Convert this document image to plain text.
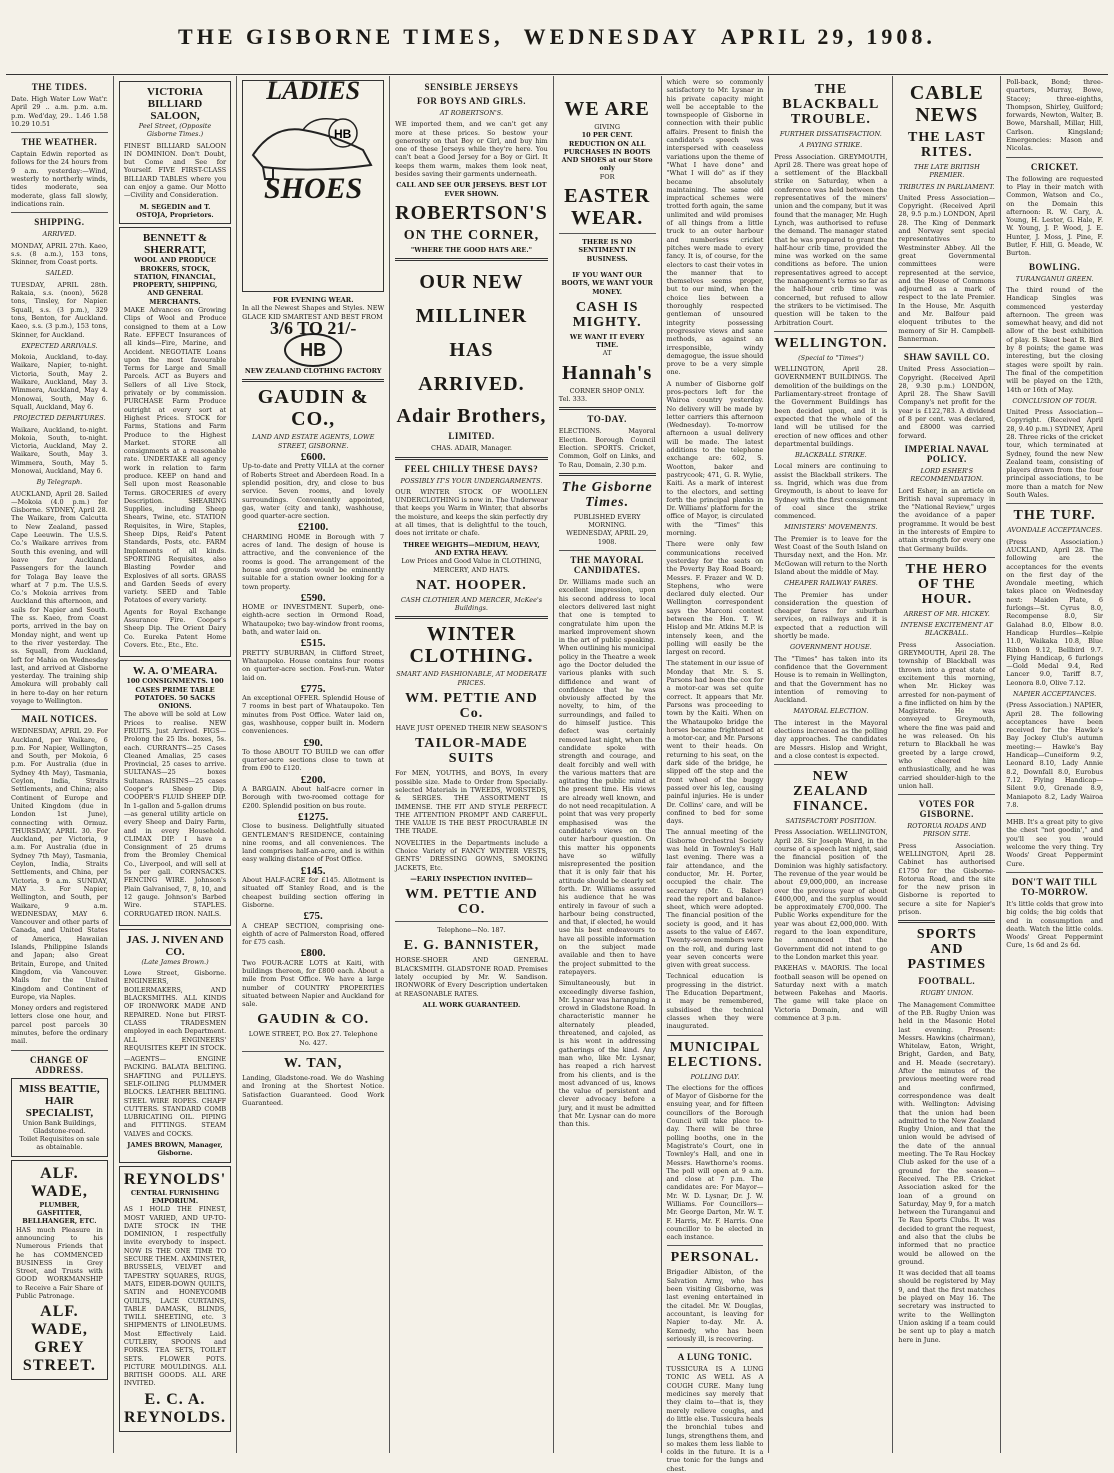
THE GISBORNE TIMES, WEDNESDAY APRIL 29, 1908.
THE TIDES.

Date. High Water Low Wat'r. April 29 .. a.m. p.m. a.m. p.m. Wed'day, 29.. 1.46 1.58 10.29 10.51

THE WEATHER.

Captain Edwin reported as follows for the 24 hours from 9 a.m. yesterday:—Wind, westerly to northerly winds, tides moderate, sea moderate, glass fall slowly, indications rain.

SHIPPING.
ARRIVED.

MONDAY, APRIL 27th. Kaeo, s.s. (8 a.m.), 153 tons, Skinner, from Coast ports.

SAILED.

TUESDAY, APRIL 28th. Rakaia, s.s. (noon), 5628 tons, Tinsley, for Napier. Squall, s.s. (3 p.m.), 329 tons, Benton, for Auckland. Kaeo, s.s. (3 p.m.), 153 tons, Skinner, for Auckland.

EXPECTED ARRIVALS.

Mokoia, Auckland, to-day. Waikare, Napier, to-night. Victoria, South, May 2. Waikare, Auckland, May 3. Wimmera, Auckland, May 4. Monowai, South, May 6. Squall, Auckland, May 6.

PROJECTED DEPARTURES.

Waikare, Auckland, to-night. Mokoia, South, to-night. Victoria, Auckland, May 2. Waikare, South, May 3. Wimmera, South, May 5. Monowai, Auckland, May 6.

By Telegraph.

AUCKLAND, April 28. Sailed—Mokoia (4.0 p.m.) for Gisborne. SYDNEY, April 28. The Waikare, from Calcutta to New Zealand, passed Cape Leeuwin. The U.S.S. Co.'s Waikare arrives from South this evening, and will leave for Auckland. Passengers for the launch for Tolaga Bay leave the wharf at 7 p.m. The U.S.S. Co.'s Mokoia arrives from Auckland this afternoon, and sails for Napier and South. The ss. Kaeo, from Coast ports, arrived in the bay on Monday night, and went up to the river yesterday. The ss. Squall, from Auckland, left for Mahia on Wednesday last, and arrived at Gisborne yesterday. The training ship Amokura will probably call in here to-day on her return voyage to Wellington.

MAIL NOTICES.

WEDNESDAY, APRIL 29. For Auckland, per Waikare, 6 p.m. For Napier, Wellington, and South, per Mokoia, 6 p.m. For Australia (due in Sydney 4th May), Tasmania, Ceylon, India, Straits Settlements, and China; also Continent of Europe and United Kingdom (due in London 1st June), connecting with Ormuz. THURSDAY, APRIL 30. For Auckland, per Victoria, 9 a.m. For Australia (due in Sydney 7th May), Tasmania, Ceylon, India, Straits Settlements, and China, per Victoria, 9 a.m. SUNDAY, MAY 3. For Napier, Wellington, and South, per Waikare, 9 a.m. WEDNESDAY, MAY 6. Vancouver and other parts of Canada, and United States of America, Hawaiian Islands, Philippine Islands and Japan; also Great Britain, Europe, and United Kingdom, via Vancouver. Mails for the United Kingdom and Continent of Europe, via Naples.

Money orders and registered letters close one hour, and parcel post parcels 30 minutes, before the ordinary mail.

CHANGE OF ADDRESS.
MISS BEATTIE, HAIR SPECIALIST,
Union Bank Buildings, Gladstone-road.
Toilet Requisites on sale as obtainable.
ALF. WADE,
PLUMBER, GASFITTER, BELLHANGER, ETC.

HAS much Pleasure in announcing to his Numerous Friends that he has COMMENCED BUSINESS in Grey Street, and Trusts with GOOD WORKMANSHIP to Receive a Fair Share of Public Patronage.

ALF. WADE, GREY STREET.
VICTORIA BILLIARD SALOON,
Peel Street, (Opposite Gisborne Times.)

FINEST BILLIARD SALOON IN DOMINION. Don't Doubt, but Come and See for Yourself. FIVE FIRST-CLASS BILLIARD TABLES where you can enjoy a game. Our Motto—Civility and Consideration.

M. SEGEDIN and T. OSTOJA, Proprietors.
BENNETT & SHERRATT,
WOOL AND PRODUCE BROKERS, STOCK, STATION, FINANCIAL, PROPERTY, SHIPPING, AND GENERAL MERCHANTS.

MAKE Advances on Growing Clips of Wool and Produce consigned to them at a Low Rate. EFFECT Insurances of all kinds—Fire, Marine, and Accident. NEGOTIATE Loans upon the most favourable Terms for Large and Small Parcels. ACT as Buyers and Sellers of all Live Stock, privately or by commission. PURCHASE Farm Produce outright at every sort at Highest Prices. STOCK for Farms, Stations and Farm Produce to the Highest Market. STORE all consignments at a reasonable rate. UNDERTAKE all agency work in relation to farm produce. KEEP on hand and Sell upon most Reasonable Terms. GROCERIES of every Description. SHEARING Supplies, including Sheep Shears, Twine, etc. STATION Requisites, in Wire, Staples, Sheep Dips, Reid's Patent Standards, Posts, etc. FARM Implements of all kinds. SPORTING Requisites, also Blasting Powder and Explosives of all sorts. GRASS and Garden Seeds of every variety. SEED and Table Potatoes of every variety.

Agents for Royal Exchange Assurance Fire. Cooper's Sheep Dip. The Orient Dairy Co. Eureka Patent Home Covers. Etc., Etc., Etc.

W. A. O'MEARA.
100 CONSIGNMENTS. 100 CASES PRIME TABLE POTATOES. 50 SACKS ONIONS.

The above will be sold at Low Prices to realise. NEW FRUITS. Just Arrived. FIGS—Prolong the 25 lbs. boxes, 5s. each. CURRANTS—25 Cases Cleaned Amalias, 25 cases Provincial, 25 cases to arrive. SULTANAS—25 boxes Sultanas. RAISINS—25 cases Cooper's Sheep Dip. COOPER'S FLUID SHEEP DIP. In 1-gallon and 5-gallon drums—as general utility article on every Sheep and Dairy Farm, and in every Household. CLIMAX DIP. I have a Consignment of 25 drums from the Bromley Chemical Co., Liverpool, and will sell at 5s per gall. CORNSACKS. FENCING WIRE. Johnson's Plain Galvanised, 7, 8, 10, and 12 gauge. Johnson's Barbed Wire. STAPLES. CORRUGATED IRON. NAILS.

JAS. J. NIVEN AND CO.
(Late James Brown.)

Lowe Street, Gisborne. ENGINEERS, BOILERMAKERS, AND BLACKSMITHS. ALL KINDS OF IRONWORK MADE AND REPAIRED. None but FIRST-CLASS TRADESMEN employed in each Department. ALL ENGINEERS' REQUISITES KEPT IN STOCK.

—AGENTS— ENGINE PACKING. BALATA BELTING. SHAFTING and PULLEYS. SELF-OILING PLUMMER BLOCKS. LEATHER BELTING. STEEL WIRE ROPES. CHAFF CUTTERS. STANDARD COMB LUBRICATING OIL. PIPING and FITTINGS. STEAM VALVES and COCKS.

JAMES BROWN, Manager, Gisborne.
REYNOLDS'
CENTRAL FURNISHING EMPORIUM.

AS I HOLD THE FINEST, MOST VARIED, AND UP-TO-DATE STOCK IN THE DOMINION, I respectfully invite everybody to inspect. NOW IS THE ONE TIME TO SECURE THEM. AXMINSTER, BRUSSELS, VELVET and TAPESTRY SQUARES, RUGS, MATS, EIDER-DOWN QUILTS, SATIN and HONEYCOMB QUILTS, LACE CURTAINS, TABLE DAMASK, BLINDS, TWILL SHEETING, etc. 3 SHIPMENTS of LINOLEUMS. Most Effectively Laid. CUTLERY, SPOONS and FORKS. TEA SETS, TOILET SETS. FLOWER POTS. PICTURE MOULDINGS. ALL BRITISH GOODS. ALL ARE INVITED.

E. C. A. REYNOLDS.
LADIES
HB
SHOES
FOR EVENING WEAR.

In all the Newest Shapes and Styles. NEW GLACE KID SMARTEST AND BEST FROM

3/6 TO 21/-
HB
NEW ZEALAND CLOTHING FACTORY
GAUDIN & CO.,
LAND AND ESTATE AGENTS, LOWE STREET, GISBORNE.
£600.

Up-to-date and Pretty VILLA at the corner of Roberts Street and Aberdeen Road. In a splendid position, dry, and close to bus service. Seven rooms, and lovely surroundings. Conveniently appointed, gas, water (city and tank), washhouse, good quarter-acre section.

£2100.

CHARMING HOME in Borough with 7 acres of land. The design of house is attractive, and the convenience of the rooms is good. The arrangement of the house and grounds would be eminently suitable for a station owner looking for a town property.

£590.

HOME or INVESTMENT. Superb, one-eighth-acre section in Ormond Road, Whataupoko; two bay-window front rooms, bath, and water laid on.

£515.

PRETTY SUBURBAN, in Clifford Street, Whataupoko. House contains four rooms on quarter-acre section. Fowl-run. Water laid on.

£775.

An exceptional OFFER. Splendid House of 7 rooms in best part of Whataupoko. Ten minutes from Post Office. Water laid on, gas, washhouse, copper built in. Modern conveniences.

£90.

To those ABOUT TO BUILD we can offer quarter-acre sections close to town at from £90 to £120.

£200.

A BARGAIN. About half-acre corner in Borough with two-roomed cottage for £200. Splendid position on bus route.

£1275.

Close to business. Delightfully situated GENTLEMAN'S RESIDENCE, containing nine rooms, and all conveniences. The land comprises half-an-acre, and is within easy walking distance of Post Office.

£145.

About HALF-ACRE for £145. Allotment is situated off Stanley Road, and is the cheapest building section offering in Gisborne.

£75.

A CHEAP SECTION, comprising one-eighth of acre of Palmerston Road, offered for £75 cash.

£800.

Two FOUR-ACRE LOTS at Kaiti, with buildings thereon, for £800 each. About a mile from Post Office. We have a large number of COUNTRY PROPERTIES situated between Napier and Auckland for sale.

GAUDIN & CO.
LOWE STREET, P.O. Box 27. Telephone No. 427.
W. TAN,

Landing, Gladstone-road. We do Washing and Ironing at the Shortest Notice. Satisfaction Guaranteed. Good Work Guaranteed.

SENSIBLE JERSEYS
FOR BOYS AND GIRLS.
AT ROBERTSON'S.

WE imported them, and we can't get any more at these prices. So bestow your generosity on that Boy or Girl, and buy him one of these Jerseys while they're here. You can't beat a Good Jersey for a Boy or Girl. It keeps them warm, makes them look neat, besides saving their garments underneath.

CALL AND SEE OUR JERSEYS. BEST LOT EVER SHOWN.
ROBERTSON'S
ON THE CORNER,
"WHERE THE GOOD HATS ARE."
OUR NEW MILLINER HAS ARRIVED.
Adair Brothers,
LIMITED.
CHAS. ADAIR, Manager.
FEEL CHILLY THESE DAYS?
POSSIBLY IT'S YOUR UNDERGARMENTS.

OUR WINTER STOCK OF WOOLLEN UNDERCLOTHING is now in. The Underwear that keeps you Warm in Winter, that absorbs the moisture, and keeps the skin perfectly dry at all times, that is delightful to the touch, does not irritate or chafe.

THREE WEIGHTS—MEDIUM, HEAVY, AND EXTRA HEAVY.
Low Prices and Good Value in CLOTHING, MERCERY, AND HATS.
NAT. HOOPER.
CASH CLOTHIER AND MERCER, McKee's Buildings.
WINTER CLOTHING.
SMART AND FASHIONABLE, AT MODERATE PRICES.
WM. PETTIE AND Co.
HAVE JUST OPENED THEIR NEW SEASON'S
TAILOR-MADE SUITS

For MEN, YOUTHS, and BOYS, In every possible size. Made to Order from Specially-selected Materials in TWEEDS, WORSTEDS, & SERGES. THE ASSORTMENT IS IMMENSE. THE FIT AND STYLE PERFECT. THE ATTENTION PROMPT AND CAREFUL. THE VALUE IS THE BEST PROCURABLE IN THE TRADE.

NOVELTIES in the Departments include a Choice Variety of FANCY WINTER VESTS, GENTS' DRESSING GOWNS, SMOKING JACKETS, Etc.

—EARLY INSPECTION INVITED—
WM. PETTIE AND CO.
Telephone—No. 187.
E. G. BANNISTER,

HORSE-SHOER AND GENERAL BLACKSMITH. GLADSTONE ROAD. Premises lately occupied by Mr. W. Sandison. IRONWORK of Every Description undertaken at REASONABLE RATES.

ALL WORK GUARANTEED.
WE ARE
GIVING
10 PER CENT. REDUCTION ON ALL PURCHASES IN BOOTS AND SHOES at our Store only
FOR
EASTER WEAR.
THERE IS NO SENTIMENT IN BUSINESS.
IF YOU WANT OUR BOOTS, WE WANT YOUR MONEY.
CASH IS MIGHTY.
WE WANT IT EVERY TIME.
AT
Hannah's
CORNER SHOP ONLY.
Tel. 333.
TO-DAY.

ELECTIONS. Mayoral Election. Borough Council Election. SPORTS. Cricket, Common, Golf on Links, and To Rau, Domain, 2.30 p.m.

The Gisborne Times.
PUBLISHED EVERY MORNING.
WEDNESDAY, APRIL 29, 1908.
THE MAYORAL CANDIDATES.

Dr. Williams made such an excellent impression, upon his second address to local electors delivered last night that one is tempted to congratulate him upon the marked improvement shown in the art of public speaking. When outlining his municipal policy in the Theatre a week ago the Doctor deluded the various planks with such diffidence and want of confidence that he was obviously affected by the novelty, to him, of the surroundings, and failed to do himself justice. This defect was certainly removed last night, when the candidate spoke with strength and courage, and dealt forcibly and well with the various matters that are agitating the public mind at the present time. His views are already well known, and do not need recapitulation. A point that was very properly emphasised was the candidate's views on the outer harbour question. On this matter his opponents have so wilfully misrepresented the position that it is only fair that his attitude should be clearly set forth. Dr. Williams assured his audience that he was entirely in favour of such a harbour being constructed, and that, if elected, he would use his best endeavours to have all possible information on the subject made available and then to have the project submitted to the ratepayers.

Simultaneously, but in exceedingly diverse fashion, Mr. Lysnar was haranguing a crowd in Gladstone Road. In characteristic manner he alternately pleaded, threatened, and cajoled, as is his wont in addressing gatherings of the kind. Any man who, like Mr. Lysnar, has reaped a rich harvest from his clients, and is the most advanced of us, knows the value of persistent and clever advocacy before a jury, and it must be admitted that Mr. Lysnar can do more than this.

which were so commonly satisfactory to Mr. Lysnar in his private capacity might well be acceptable to the townspeople of Gisborne in connection with their public affairs. Present to finish the candidate's speech was interspersed with ceaseless variations upon the theme of "What I have done" and "What I will do" as if they became absolutely maintaining. The same old impractical schemes were trotted forth again, the same unlimited and wild promises of all things from a little truck to an outer harbour and numberless cricket pitches were made to every fancy. It is, of course, for the electors to cast their votes in the manner that to themselves seems proper, but to our mind, when the choice lies between a thoroughly respected gentleman of unsoured integrity possessing progressive views and sane methods, as against an irresponsible, windy demagogue, the issue should prove to be a very simple one.

A number of Gisborne golf pros-pectors left for the Wairoa country yesterday. No delivery will be made by letter carriers this afternoon (Wednesday). To-morrow afternoon a usual delivery will be made. The latest additions to the telephone exchange are: 602, S. Wootton, baker and pastrycook; 471, G. R. Wylie, Kaiti. As a mark of interest to the electors, and setting forth the principal planks in Dr. Williams' platform for the office of Mayor, is circulated with the "Times" this morning.

There were only few communications received yesterday for the seats on the Poverty Bay Road Board; Messrs. F. Frazer and W. D. Stephens, who were declared duly elected. Our Wellington correspondent says the Marconi contest between the Hon. T. W. Hislop and Mr. Atkins M.P. is intensely keen, and the polling will easily be the largest on record.

The statement in our issue of Monday that Mr. S. S. Parsons had been the cox for a motor-car was set quite correct. It appears that Mr. Parsons was proceeding to town by the Kaiti. When on the Whataupoko bridge the horses became frightened at a motor-car, and Mr. Parsons went to their heads. On returning to his seat, on the dark side of the bridge, he slipped off the step and the front wheel of the buggy passed over his leg, causing painful injuries. He is under Dr. Collins' care, and will be confined to bed for some days.

The annual meeting of the Gisborne Orchestral Society was held in Townley's Hall last evening. There was a fair attendance, and the conductor, Mr. H. Porter, occupied the chair. The secretary (Mr. G. Baker) read the report and balance-sheet, which were adopted. The financial position of the society is good, and it has assets to the value of £467. Twenty-seven members were on the roll, and during last year seven concerts were given with great success.

Technical education is progressing in the district. The Education Department, it may be remembered, subsidised the technical classes when they were inaugurated.

MUNICIPAL ELECTIONS.
POLLING DAY.

The elections for the offices of Mayor of Gisborne for the ensuing year, and for fifteen councillors of the Borough Council will take place to-day. There will be three polling booths, one in the Magistrate's Court, one in Townley's Hall, and one in Messrs. Hawthorne's rooms. The poll will open at 9 a.m. and close at 7 p.m. The candidates are: For Mayor—Mr. W. D. Lysnar, Dr. J. W. Williams. For Councillors—Mr. George Darton, Mr. W. T. F. Harris, Mr. F. Harris. One councillor to be elected in each instance.

PERSONAL.

Brigadier Albiston, of the Salvation Army, who has been visiting Gisborne, was last evening entertained in the citadel. Mr. W. Douglas, accountant, is leaving for Napier to-day. Mr. A. Kennedy, who has been seriously ill, is recovering.

A LUNG TONIC.

TUSSICURA IS A LUNG TONIC AS WELL AS A COUGH CURE. Many lung medicines say merely that they claim to—that is, they merely relieve coughs, and do little else. Tussicura heals the bronchial tubes and lungs, strengthens them, and so makes them less liable to colds in the future. It is a true tonic for the lungs and chest.

THE BLACKBALL TROUBLE.
FURTHER DISSATISFACTION.
A PAYING STRIKE.

Press Association. GREYMOUTH, April 28. There was great hope of a settlement of the Blackball strike on Saturday, when a conference was held between the representatives of the miners' union and the company, but it was found that the manager, Mr. Hugh Lynch, was authorised to refuse the demand. The manager stated that he was prepared to grant the half-hour crib time, provided the mine was worked on the same conditions as before. The union representatives agreed to accept the management's terms so far as the half-hour crib time was concerned, but refused to allow the strikers to be victimised. The question will be taken to the Arbitration Court.

WELLINGTON.
(Special to "Times")

WELLINGTON, April 28. GOVERNMENT BUILDINGS. The demolition of the buildings on the Parliamentary-street frontage of the Government Buildings has been decided upon, and it is expected that the whole of the land will be utilised for the erection of new offices and other departmental buildings.

BLACKBALL STRIKE.

Local miners are continuing to assist the Blackball strikers. The ss. Ingrid, which was due from Greymouth, is about to leave for Sydney with the first consignment of coal since the strike commenced.

MINISTERS' MOVEMENTS.

The Premier is to leave for the West Coast of the South Island on Thursday next, and the Hon. Mr. McGowan will return to the North Island about the middle of May.

CHEAPER RAILWAY FARES.

The Premier has under consideration the question of cheaper fares for suburban services, on railways and it is expected that a reduction will shortly be made.

GOVERNMENT HOUSE.

The "Times" has taken into its confidence that the Government House is to remain in Wellington, and that the Government has no intention of removing to Auckland.

MAYORAL ELECTION.

The interest in the Mayoral elections increased as the polling day approaches. The candidates are Messrs. Hislop and Wright, and a close contest is expected.

NEW ZEALAND FINANCE.
SATISFACTORY POSITION.

Press Association. WELLINGTON, April 28. Sir Joseph Ward, in the course of a speech last night, said the financial position of the Dominion was highly satisfactory. The revenue of the year would be about £9,000,000, an increase over the previous year of about £400,000, and the surplus would be approximately £700,000. The Public Works expenditure for the year was about £2,000,000. With regard to the loan expenditure, he announced that the Government did not intend to go to the London market this year.

PAKEHAS v. MAORIS. The local football season will be opened on Saturday next with a match between Pakehas and Maoris. The game will take place on Victoria Domain, and will commence at 3 p.m.

CABLE NEWS
THE LAST RITES.
THE LATE BRITISH PREMIER.
TRIBUTES IN PARLIAMENT.

United Press Association—Copyright. (Received April 28, 9.5 p.m.) LONDON, April 28. The King of Denmark and Norway sent special representatives to Westminster Abbey. All the great Governmental committees were represented at the service, and the House of Commons adjourned as a mark of respect to the late Premier. In the House, Mr. Asquith and Mr. Balfour paid eloquent tributes to the memory of Sir H. Campbell-Bannerman.

SHAW SAVILL CO.

United Press Association—Copyright. (Received April 28, 9.30 p.m.) LONDON, April 28. The Shaw Savill Company's net profit for the year is £122,783. A dividend of 8 per cent. was declared, and £8000 was carried forward.

IMPERIAL NAVAL POLICY.
LORD ESHER'S RECOMMENDATION.

Lord Esher, in an article on British naval supremacy in the "National Review," urges the avoidance of a paper programme. It would be best in the interests of Empire to attain strength for every one that Germany builds.

THE HERO OF THE HOUR.
ARREST OF MR. HICKEY.
INTENSE EXCITEMENT AT BLACKBALL.

Press Association. GREYMOUTH, April 28. The township of Blackball was thrown into a great state of excitement this morning, when Mr. Hickey was arrested for non-payment of a fine inflicted on him by the Magistrate. He was conveyed to Greymouth, where the fine was paid and he was released. On his return to Blackball he was greeted by a large crowd, who cheered him enthusiastically, and he was carried shoulder-high to the union hall.

VOTES FOR GISBORNE.
ROTORUA ROADS AND PRISON SITE.

Press Association. WELLINGTON, April 28. Cabinet has authorised £1750 for the Gisborne-Rotorua Road, and the site for the new prison in Gisborne is reported to secure a site for Napier's prison.

SPORTS AND PASTIMES
FOOTBALL.
RUGBY UNION.

The Management Committee of the P.B. Rugby Union was held in the Masonic Hotel last evening. Present: Messrs. Hawkins (chairman), Whitelaw, Eaton, Wright, Bright, Garden, and Baty, and H. Meade (secretary). After the minutes of the previous meeting were read and confirmed, correspondence was dealt with. Wellington: Advising that the union had been admitted to the New Zealand Rugby Union, and that the union would be advised of the date of the annual meeting. The Te Rau Hockey Club asked for the use of a ground for the season—Received. The P.B. Cricket Association asked for the loan of a ground on Saturday, May 9, for a match between the Turanganui and Te Rau Sports Clubs. It was decided to grant the request, and also that the clubs be informed that no practice would be allowed on the ground.

It was decided that all teams should be registered by May 9, and that the first matches be played on May 16. The secretary was instructed to write to the Wellington Union asking if a team could be sent up to play a match here in June.

Poll-back, Bond; three-quarters, Murray, Bowe, Stacey; three-eighths, Thompson, Shirley, Guilford; forwards, Newton, Walter, B. Bowe, Marshall, Millar, Hill, Carlson. Kingsland; Emergencies: Mason and Nicolas.

CRICKET.

The following are requested to Play in their match with Common, Watson and Co., on the Domain this afternoon: R. W. Cary, A. Young, H. Lester, G. Hale, F. W. Young, J. P. Wood, J. E. Hunter, J. Moss, J. Pine, F. Butler, F. Hill, G. Meade, W. Burton.

BOWLING.
TURANGANUI GREEN.

The third round of the Handicap Singles was commenced yesterday afternoon. The green was somewhat heavy, and did not allow of the best exhibition of play. B. Skeet beat R. Bird by 8 points; the game was interesting, but the closing stages were spoilt by rain. The final of the competition will be played on the 12th, 14th or 16th of May.

CONCLUSION OF TOUR.

United Press Association—Copyright. (Received April 28, 9.40 p.m.) SYDNEY, April 28. Three ricks of the cricket tour, which terminated at Sydney, found the new New Zealand team, consisting of players drawn from the four principal associations, to be more than a match for New South Wales.

THE TURF.
AVONDALE ACCEPTANCES.

(Press Association.) AUCKLAND, April 28. The following are the acceptances for the events on the first day of the Avondale meeting, which takes place on Wednesday next: Maiden Plate, 6 furlongs—St. Cyrus 8.0, Recompense 8.0, Sir Galahad 8.0, Elbow 8.0. Handicap Hurdles—Kelpie 11.0, Waikaka 10.8, Blue Ribbon 9.12, Bellbird 9.7. Flying Handicap, 6 furlongs—Gold Medal 9.4, Red Lancer 9.0, Tariff 8.7, Leonora 8.0, Olive 7.12.

NAPIER ACCEPTANCES.

(Press Association.) NAPIER, April 28. The following acceptances have been received for the Hawke's Bay Jockey Club's autumn meeting:— Hawke's Bay Handicap—Cuneiform 9.2, Leonard 8.10, Lady Annie 8.2, Downfall 8.0, Eurobus 7.12. Flying Handicap—Silent 9.0, Grenade 8.9, Maniapoto 8.2, Lady Wairoa 7.8.

MHB. It's a great pity to give the chest "not goodin'," and you'll see you would welcome the very thing. Try Woods' Great Peppermint Cure.

DON'T WAIT TILL TO-MORROW.

It's little colds that grow into big colds; the big colds that end in consumption and death. Watch the little colds. Woods' Great Peppermint Cure, 1s 6d and 2s 6d.
